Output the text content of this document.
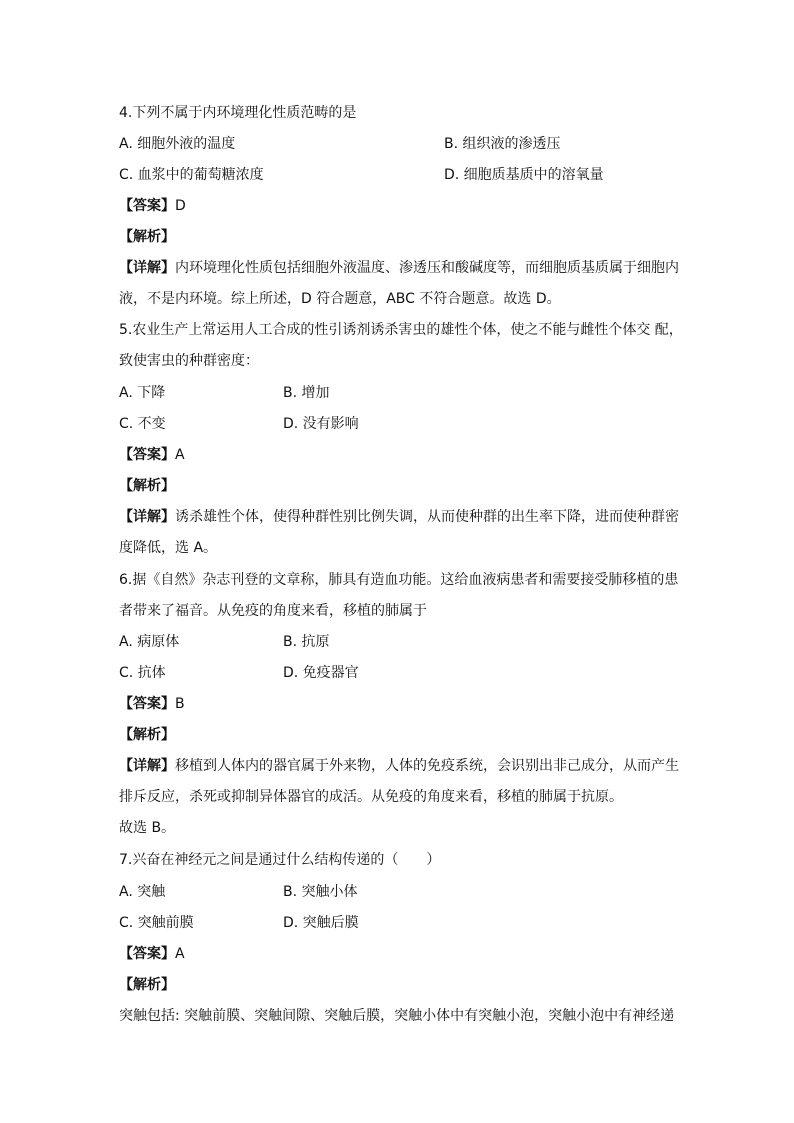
4.下列不属于内环境理化性质范畴的是
A. 细胞外液的温度	B. 组织液的渗透压
C. 血浆中的葡萄糖浓度	D. 细胞质基质中的溶氧量
【答案】D
【解析】
【详解】内环境理化性质包括细胞外液温度、渗透压和酸碱度等，而细胞质基质属于细胞内
液，不是内环境。综上所述，D 符合题意，ABC 不符合题意。故选 D。
5.农业生产上常运用人工合成的性引诱剂诱杀害虫的雄性个体，使之不能与雌性个体交 配，
致使害虫的种群密度：
A. 下降	B. 增加
C. 不变	D. 没有影响
【答案】A
【解析】
【详解】诱杀雄性个体，使得种群性别比例失调，从而使种群的出生率下降，进而使种群密
度降低，选 A。
6.据《自然》杂志刊登的文章称，肺具有造血功能。这给血液病患者和需要接受肺移植的患
者带来了福音。从免疫的角度来看，移植的肺属于
A. 病原体	B. 抗原
C. 抗体	D. 免疫器官
【答案】B
【解析】
【详解】移植到人体内的器官属于外来物，人体的免疫系统，会识别出非己成分，从而产生
排斥反应，杀死或抑制异体器官的成活。从免疫的角度来看，移植的肺属于抗原。
故选 B。
7.兴奋在神经元之间是通过什么结构传递的（　　）
A. 突触	B. 突触小体
C. 突触前膜	D. 突触后膜
【答案】A
【解析】
突触包括: 突触前膜、突触间隙、突触后膜，突触小体中有突触小泡，突触小泡中有神经递
